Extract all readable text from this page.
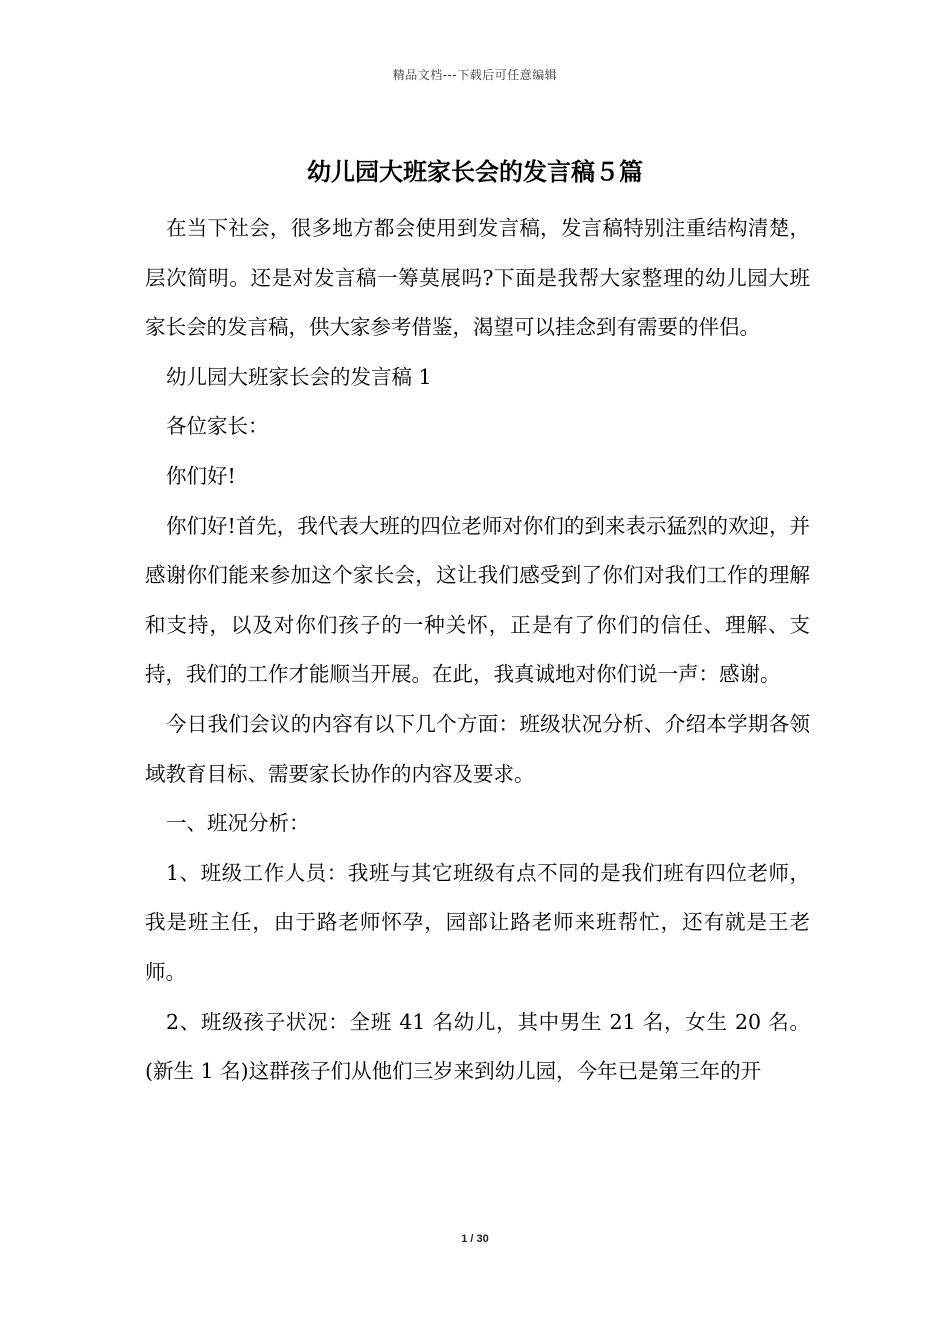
精品文档---下载后可任意编辑
幼儿园大班家长会的发言稿５篇

在当下社会，很多地方都会使用到发言稿，发言稿特别注重结构清楚，层次简明。还是对发言稿一筹莫展吗?下面是我帮大家整理的幼儿园大班家长会的发言稿，供大家参考借鉴，渴望可以挂念到有需要的伴侣。

幼儿园大班家长会的发言稿 1

各位家长：

你们好!

你们好!首先，我代表大班的四位老师对你们的到来表示猛烈的欢迎，并感谢你们能来参加这个家长会，这让我们感受到了你们对我们工作的理解和支持，以及对你们孩子的一种关怀，正是有了你们的信任、理解、支持，我们的工作才能顺当开展。在此，我真诚地对你们说一声：感谢。

今日我们会议的内容有以下几个方面：班级状况分析、介绍本学期各领域教育目标、需要家长协作的内容及要求。

一、班况分析：

1、班级工作人员：我班与其它班级有点不同的是我们班有四位老师，我是班主任，由于路老师怀孕，园部让路老师来班帮忙，还有就是王老师。

2、班级孩子状况：全班 41 名幼儿，其中男生 21 名，女生 20 名。(新生 1 名)这群孩子们从他们三岁来到幼儿园，今年已是第三年的开

1 / 30
